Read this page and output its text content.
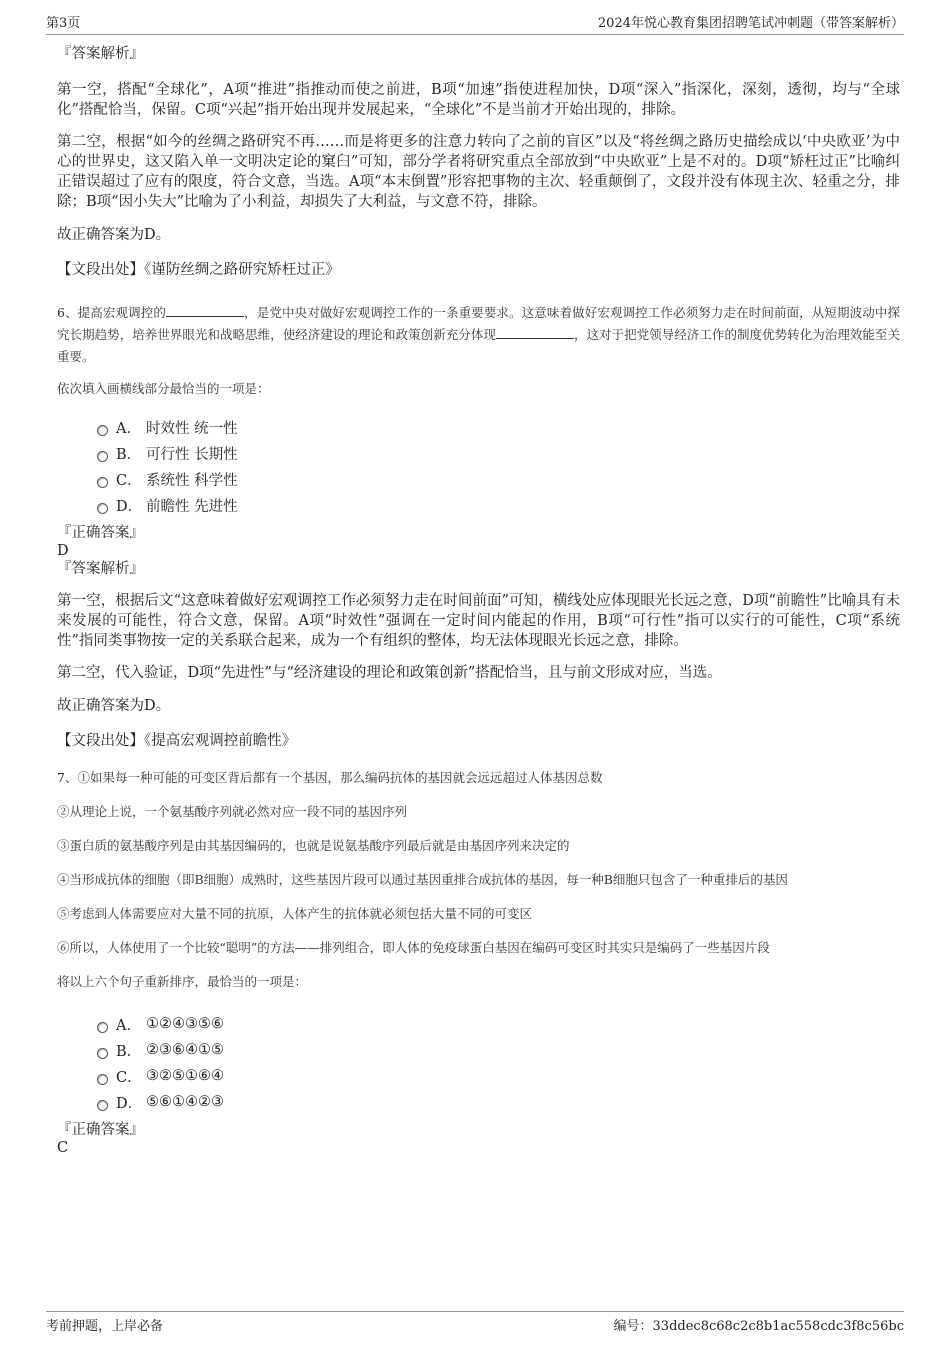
第3页	2024年悦心教育集团招聘笔试冲刺题（带答案解析）

『答案解析』

第一空，搭配“全球化”，A项“推进”指推动而使之前进，B项“加速”指使进程加快，D项“深入”指深化，深刻，透彻，均与“全球化”搭配恰当，保留。C项“兴起”指开始出现并发展起来，“全球化”不是当前才开始出现的，排除。

第二空，根据“如今的丝绸之路研究不再……而是将更多的注意力转向了之前的盲区”以及“将丝绸之路历史描绘成以‘中央欧亚’为中心的世界史，这又陷入单一文明决定论的窠臼”可知，部分学者将研究重点全部放到“中央欧亚”上是不对的。D项“矫枉过正”比喻纠正错误超过了应有的限度，符合文意，当选。A项“本末倒置”形容把事物的主次、轻重颠倒了，文段并没有体现主次、轻重之分，排除；B项“因小失大”比喻为了小利益，却损失了大利益，与文意不符，排除。

故正确答案为D。

【文段出处】《谨防丝绸之路研究矫枉过正》

6、提高宏观调控的	，是党中央对做好宏观调控工作的一条重要要求。这意味着做好宏观调控工作必须努力走在时间前面，从短期波动中探究长期趋势，培养世界眼光和战略思维，使经济建设的理论和政策创新充分体现	，这对于把党领导经济工作的制度优势转化为治理效能至关重要。

依次填入画横线部分最恰当的一项是：

A． 时效性 统一性
B． 可行性 长期性
C． 系统性 科学性
D． 前瞻性 先进性

『正确答案』

D

『答案解析』

第一空，根据后文“这意味着做好宏观调控工作必须努力走在时间前面”可知，横线处应体现眼光长远之意，D项“前瞻性”比喻具有未来发展的可能性，符合文意，保留。A项“时效性”强调在一定时间内能起的作用，B项“可行性”指可以实行的可能性，C项“系统性”指同类事物按一定的关系联合起来，成为一个有组织的整体，均无法体现眼光长远之意，排除。

第二空，代入验证，D项“先进性”与“经济建设的理论和政策创新”搭配恰当，且与前文形成对应，当选。

故正确答案为D。

【文段出处】《提高宏观调控前瞻性》

7、①如果每一种可能的可变区背后都有一个基因，那么编码抗体的基因就会远远超过人体基因总数

②从理论上说，一个氨基酸序列就必然对应一段不同的基因序列

③蛋白质的氨基酸序列是由其基因编码的，也就是说氨基酸序列最后就是由基因序列来决定的

④当形成抗体的细胞（即B细胞）成熟时，这些基因片段可以通过基因重排合成抗体的基因，每一种B细胞只包含了一种重排后的基因

⑤考虑到人体需要应对大量不同的抗原，人体产生的抗体就必须包括大量不同的可变区

⑥所以，人体使用了一个比较“聪明”的方法——排列组合，即人体的免疫球蛋白基因在编码可变区时其实只是编码了一些基因片段

将以上六个句子重新排序，最恰当的一项是：

A． ①②④③⑤⑥
B． ②③⑥④①⑤
C． ③②⑤①⑥④
D． ⑤⑥①④②③

『正确答案』

C

考前押题，上岸必备	编号：33ddec8c68c2c8b1ac558cdc3f8c56bc
